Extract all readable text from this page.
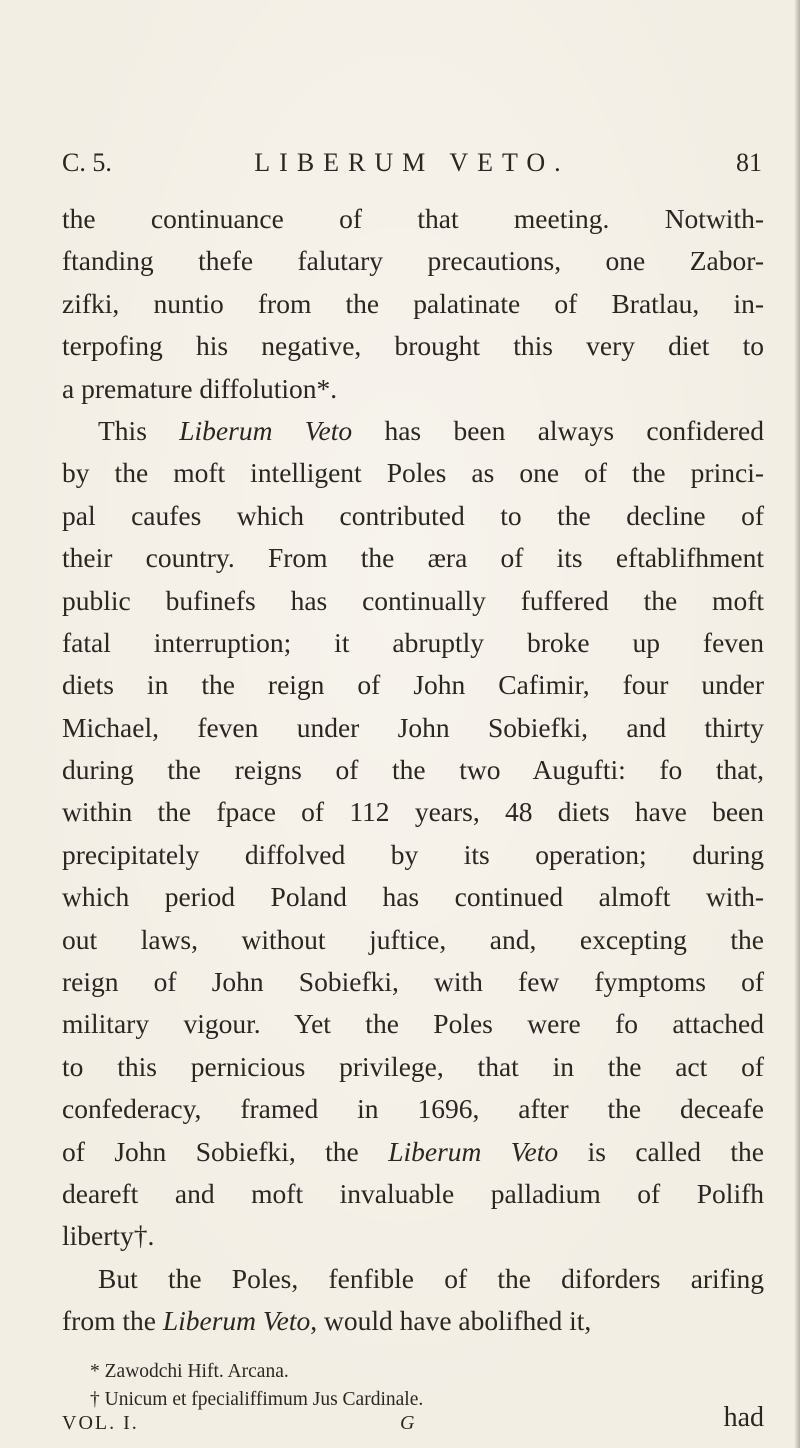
C. 5.	LIBERUM VETO.	81
the continuance of that meeting. Notwith-
ftanding thefe falutary precautions, one Zabor-
zifki, nuntio from the palatinate of Bratlau, in-
terpofing his negative, brought this very diet to
a premature diffolution*.
This Liberum Veto has been always confidered
by the moft intelligent Poles as one of the princi-
pal caufes which contributed to the decline of
their country. From the æra of its eftablifhment
public bufinefs has continually fuffered the moft
fatal interruption; it abruptly broke up feven
diets in the reign of John Cafimir, four under
Michael, feven under John Sobiefki, and thirty
during the reigns of the two Augufti: fo that,
within the fpace of 112 years, 48 diets have been
precipitately diffolved by its operation; during
which period Poland has continued almoft with-
out laws, without juftice, and, excepting the
reign of John Sobiefki, with few fymptoms of
military vigour. Yet the Poles were fo attached
to this pernicious privilege, that in the act of
confederacy, framed in 1696, after the deceafe
of John Sobiefki, the Liberum Veto is called the
deareft and moft invaluable palladium of Polifh
liberty†.
But the Poles, fenfible of the diforders arifing
from the Liberum Veto, would have abolifhed it,
* Zawodchi Hift. Arcana.
† Unicum et fpecialiffimum Jus Cardinale.
VOL. I.	G	had
